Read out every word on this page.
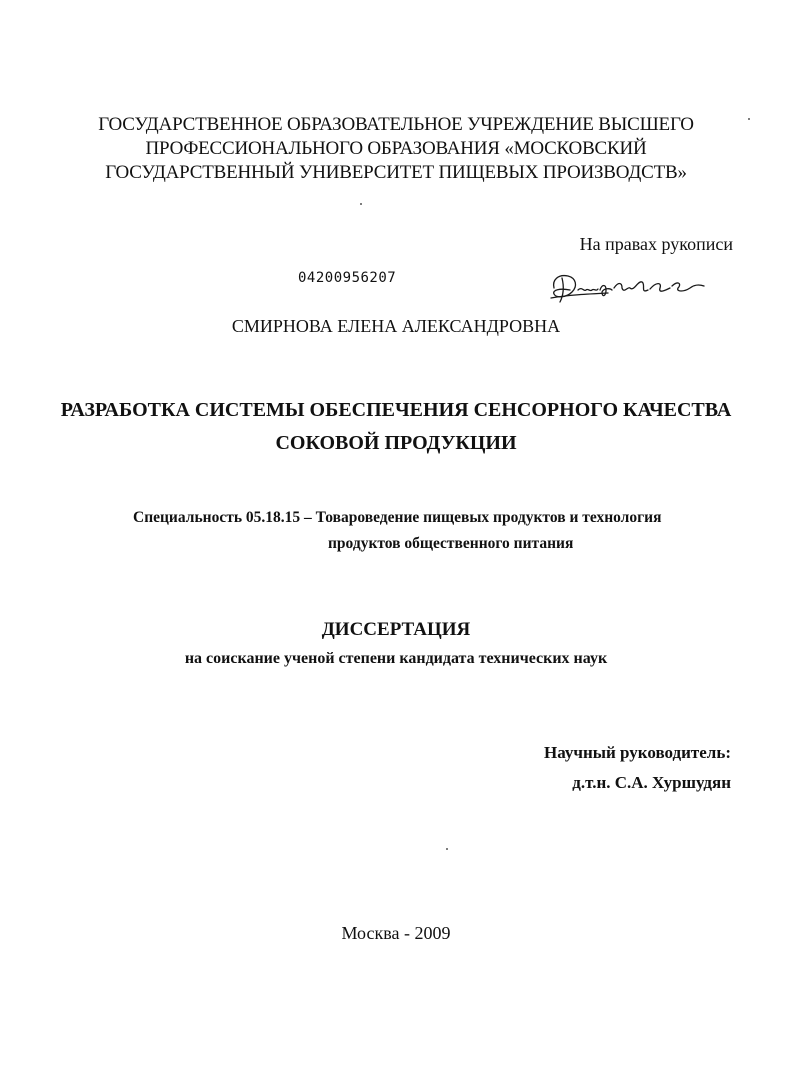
ГОСУДАРСТВЕННОЕ ОБРАЗОВАТЕЛЬНОЕ УЧРЕЖДЕНИЕ ВЫСШЕГО
ПРОФЕССИОНАЛЬНОГО ОБРАЗОВАНИЯ «МОСКОВСКИЙ
ГОСУДАРСТВЕННЫЙ УНИВЕРСИТЕТ ПИЩЕВЫХ ПРОИЗВОДСТВ»
На правах рукописи
04200956207
СМИРНОВА ЕЛЕНА АЛЕКСАНДРОВНА
РАЗРАБОТКА СИСТЕМЫ ОБЕСПЕЧЕНИЯ СЕНСОРНОГО КАЧЕСТВА
СОКОВОЙ ПРОДУКЦИИ
Специальность 05.18.15 – Товароведение пищевых продуктов и технология
продуктов общественного питания
ДИССЕРТАЦИЯ
на соискание ученой степени кандидата технических наук
Научный руководитель:
д.т.н. С.А. Хуршудян
Москва - 2009
